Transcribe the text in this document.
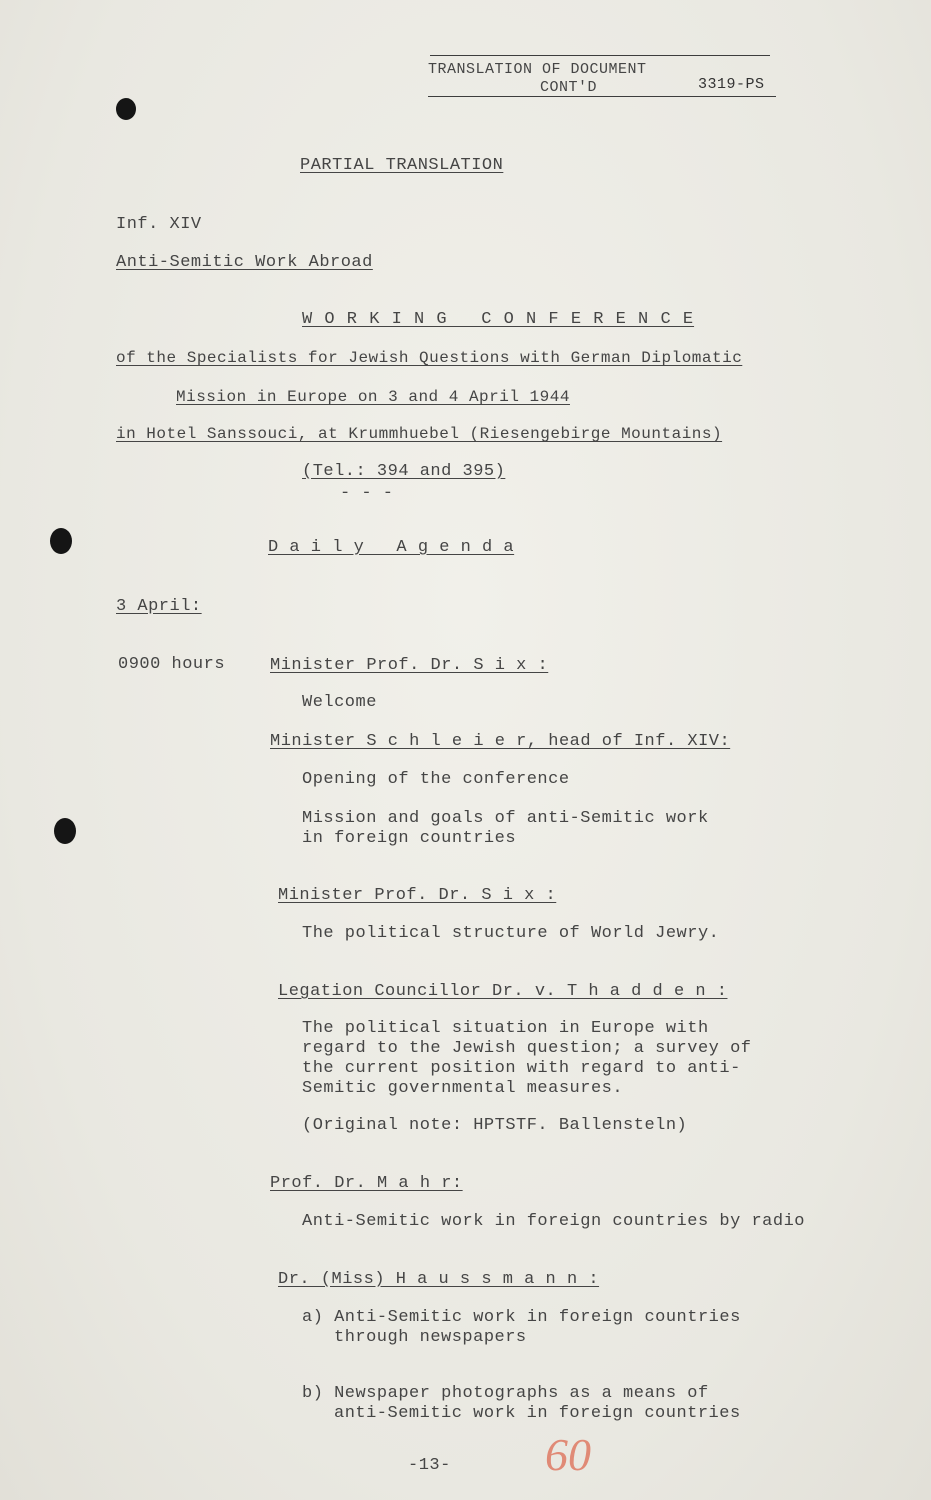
TRANSLATION OF DOCUMENT
CONT'D	3319-PS
PARTIAL TRANSLATION
Inf. XIV
Anti-Semitic Work Abroad
W O R K I N G   C O N F E R E N C E
of the Specialists for Jewish Questions with German Diplomatic
Mission in Europe on 3 and 4 April 1944
in Hotel Sanssouci, at Krummhuebel (Riesengebirge Mountains)
(Tel.: 394 and 395)
- - -
D a i l y   A g e n d a
3 April:
0900 hours	Minister Prof. Dr. S i x :
Welcome
Minister S c h l e i e r, head of Inf. XIV:
Opening of the conference
Mission and goals of anti-Semitic work
in foreign countries
Minister Prof. Dr. S i x :
The political structure of World Jewry.
Legation Councillor Dr. v. T h a d d e n :
The political situation in Europe with
regard to the Jewish question; a survey of
the current position with regard to anti-
Semitic governmental measures.
(Original note: HPTSTF. Ballensteln)
Prof. Dr. M a h r:
Anti-Semitic work in foreign countries by radio
Dr. (Miss) H a u s s m a n n :
a) Anti-Semitic work in foreign countries
through newspapers
b) Newspaper photographs as a means of
anti-Semitic work in foreign countries
-13- 60
